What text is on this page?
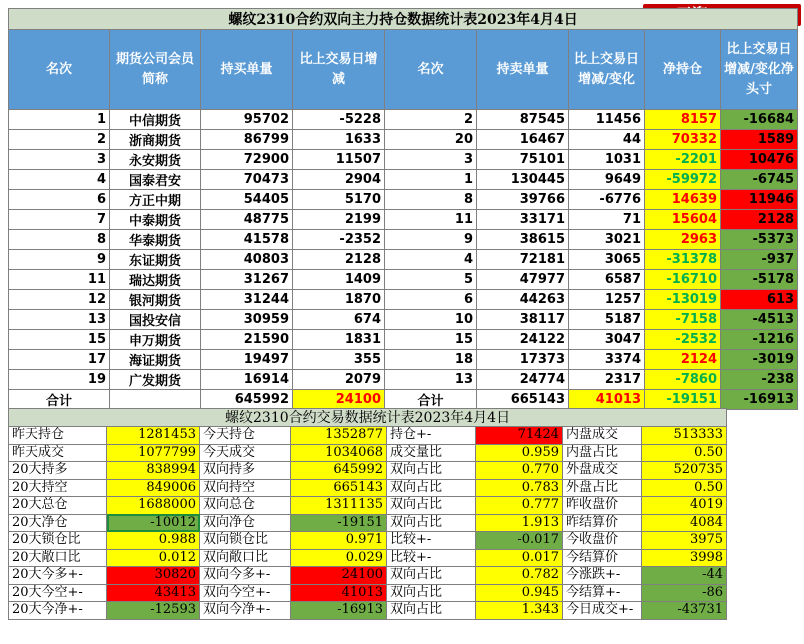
螺纹2310合约双向主力持仓数据统计表2023年4月4日								
名次	期货公司会员简称	持买单量	比上交易日增减	名次	持卖单量	比上交易日增减/变化	净持仓	比上交易日增减/变化净头寸
1	中信期货	95702	-5228	2	87545	11456	8157	-16684
2	浙商期货	86799	1633	20	16467	44	70332	1589
3	永安期货	72900	11507	3	75101	1031	-2201	10476
4	国泰君安	70473	2904	1	130445	9649	-59972	-6745
6	方正中期	54405	5170	8	39766	-6776	14639	11946
7	中泰期货	48775	2199	11	33171	71	15604	2128
8	华泰期货	41578	-2352	9	38615	3021	2963	-5373
9	东证期货	40803	2128	4	72181	3065	-31378	-937
11	瑞达期货	31267	1409	5	47977	6587	-16710	-5178
12	银河期货	31244	1870	6	44263	1257	-13019	613
13	国投安信	30959	674	10	38117	5187	-7158	-4513
15	申万期货	21590	1831	15	24122	3047	-2532	-1216
17	海证期货	19497	355	18	17373	3374	2124	-3019
19	广发期货	16914	2079	13	24774	2317	-7860	-238
合计		645992	24100	合计	665143	41013	-19151	-16913
螺纹2310合约交易数据统计表2023年4月4日							
昨天持仓	1281453	今天持仓	1352877	持仓+-	71424	内盘成交	513333
昨天成交	1077799	今天成交	1034068	成交量比	0.959	内盘占比	0.50
20大持多	838994	双向持多	645992	双向占比	0.770	外盘成交	520735
20大持空	849006	双向持空	665143	双向占比	0.783	外盘占比	0.50
20大总仓	1688000	双向总仓	1311135	双向占比	0.777	昨收盘价	4019
20大净仓	-10012	双向净仓	-19151	双向占比	1.913	昨结算价	4084
20大锁仓比	0.988	双向锁仓比	0.971	比较+-	-0.017	今收盘价	3975
20大敞口比	0.012	双向敞口比	0.029	比较+-	0.017	今结算价	3998
20大今多+-	30820	双向今多+-	24100	双向占比	0.782	今涨跌+-	-44
20大今空+-	43413	双向今空+-	41013	双向占比	0.945	今结算+-	-86
20大今净+-	-12593	双向今净+-	-16913	双向占比	1.343	今日成交+-	-43731
